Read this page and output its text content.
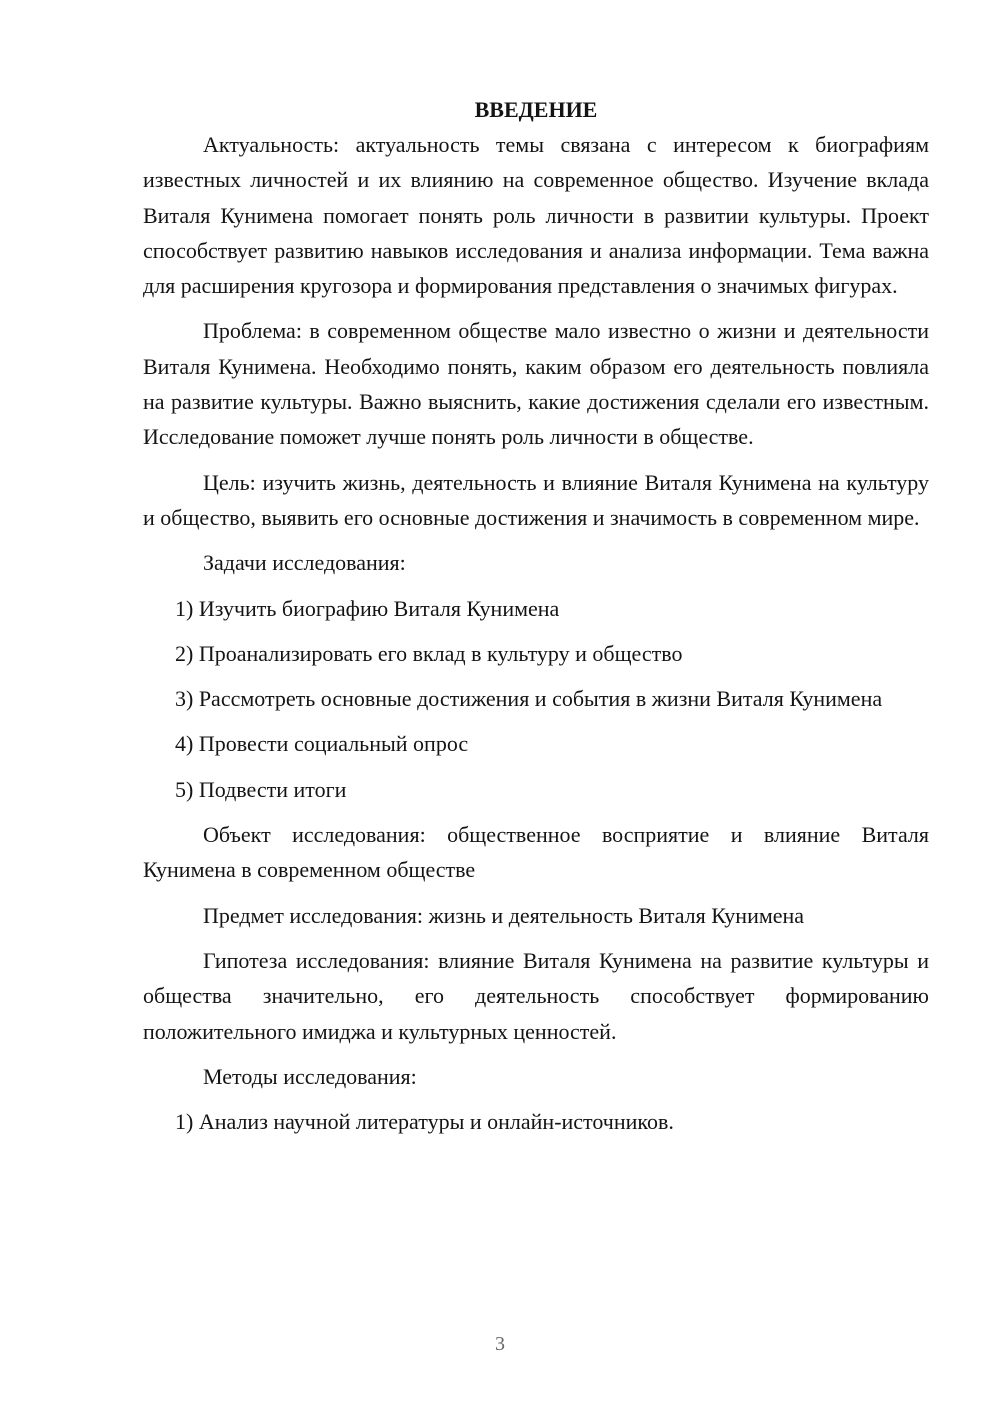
ВВЕДЕНИЕ

Актуальность: актуальность темы связана с интересом к биографиям известных личностей и их влиянию на современное общество. Изучение вклада Виталя Кунимена помогает понять роль личности в развитии культуры. Проект способствует развитию навыков исследования и анализа информации. Тема важна для расширения кругозора и формирования представления о значимых фигурах.

Проблема: в современном обществе мало известно о жизни и деятельности Виталя Кунимена. Необходимо понять, каким образом его деятельность повлияла на развитие культуры. Важно выяснить, какие достижения сделали его известным. Исследование поможет лучше понять роль личности в обществе.

Цель: изучить жизнь, деятельность и влияние Виталя Кунимена на культуру и общество, выявить его основные достижения и значимость в современном мире.

Задачи исследования:

1) Изучить биографию Виталя Кунимена

2) Проанализировать его вклад в культуру и общество

3) Рассмотреть основные достижения и события в жизни Виталя Кунимена

4) Провести социальный опрос

5) Подвести итоги

Объект исследования: общественное восприятие и влияние Виталя Кунимена в современном обществе

Предмет исследования: жизнь и деятельность Виталя Кунимена

Гипотеза исследования: влияние Виталя Кунимена на развитие культуры и общества значительно, его деятельность способствует формированию положительного имиджа и культурных ценностей.

Методы исследования:

1) Анализ научной литературы и онлайн-источников.

3
